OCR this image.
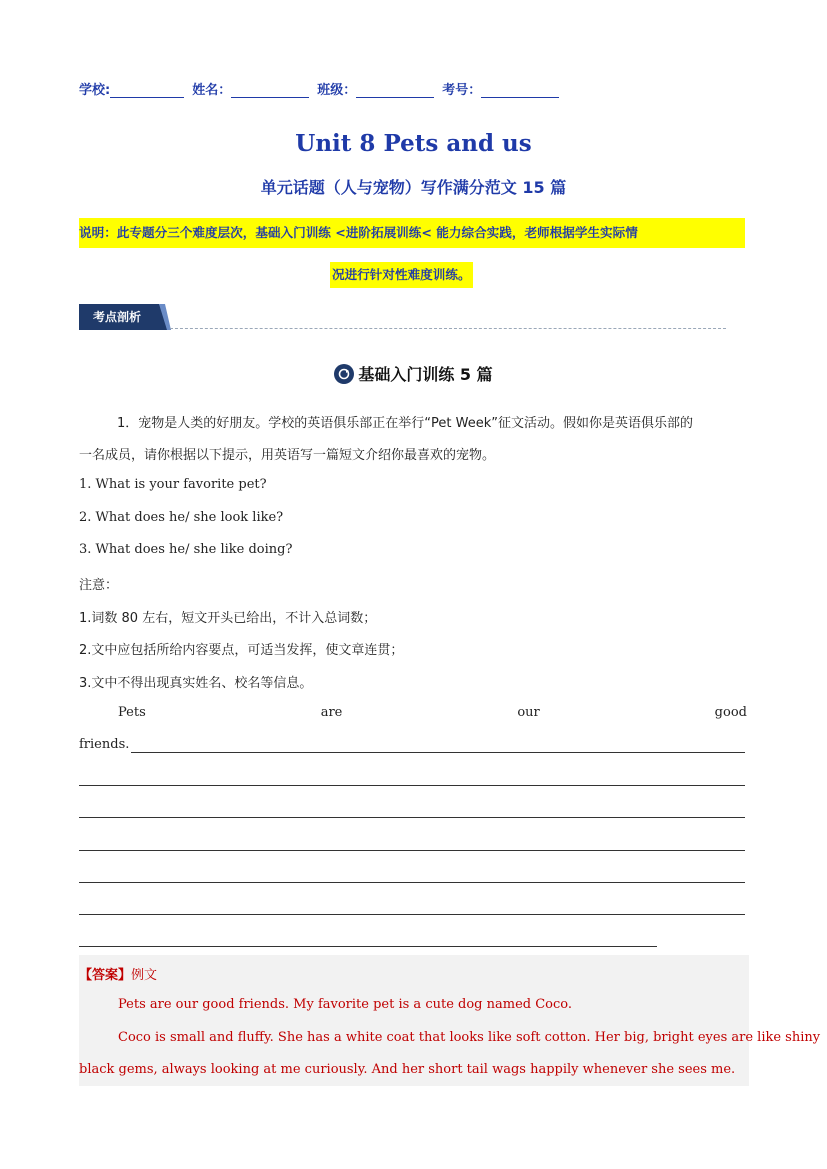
学校:	姓名：	班级：	考号：
Unit 8 Pets and us
单元话题（人与宠物）写作满分范文 15 篇
说明：此专题分三个难度层次，基础入门训练 <进阶拓展训练< 能力综合实践，老师根据学生实际情
况进行针对性难度训练。
考点剖析
基础入门训练 5 篇
1．宠物是人类的好朋友。学校的英语俱乐部正在举行“Pet Week”征文活动。假如你是英语俱乐部的
一名成员，请你根据以下提示，用英语写一篇短文介绍你最喜欢的宠物。
1. What is your favorite pet?
2. What does he/ she look like?
3. What does he/ she like doing?
注意：
1.词数 80 左右，短文开头已给出，不计入总词数；
2.文中应包括所给内容要点，可适当发挥，使文章连贯；
3.文中不得出现真实姓名、校名等信息。
Pets	are	our	good
friends.
【答案】例文
Pets are our good friends. My favorite pet is a cute dog named Coco.
Coco is small and fluffy. She has a white coat that looks like soft cotton. Her big, bright eyes are like shiny
black gems, always looking at me curiously. And her short tail wags happily whenever she sees me.
